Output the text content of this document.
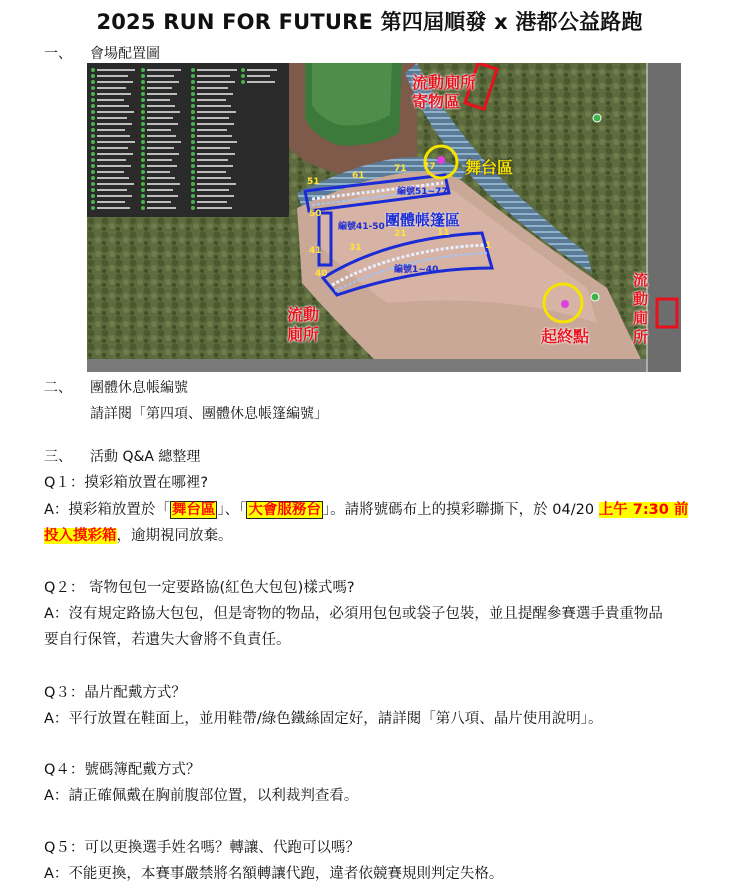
2025 RUN FOR FUTURE 第四屆順發 x 港都公益路跑
一、 會場配置圖
流動廁所
寄物區
舞台區
團體帳篷區
編號51~77
編號41-50
編號1~40
流動
廁所	起終點
流
動
廁
所
51
61
71 77
50
41
40
31
21	11
1
二、 團體休息帳編號
請詳閱「第四項、團體休息帳篷編號」
三、 活動 Q&A 總整理
Q１：摸彩箱放置在哪裡?
A：摸彩箱放置於「 舞台區 」、「 大會服務台 」。請將號碼布上的摸彩聯撕下，於 04/20 上午 7:30 前
投入摸彩箱，逾期視同放棄。
Q２： 寄物包包一定要路協(紅色大包包)樣式嗎?
A：沒有規定路協大包包，但是寄物的物品，必須用包包或袋子包裝，並且提醒參賽選手貴重物品
要自行保管，若遺失大會將不負責任。
Q３：晶片配戴方式？
A：平行放置在鞋面上，並用鞋帶/綠色鐵絲固定好，請詳閱「第八項、晶片使用說明」。
Q４：號碼簿配戴方式？
A：請正確佩戴在胸前腹部位置，以利裁判查看。
Q５：可以更換選手姓名嗎？轉讓、代跑可以嗎？
A：不能更換，本賽事嚴禁將名額轉讓代跑，違者依競賽規則判定失格。
